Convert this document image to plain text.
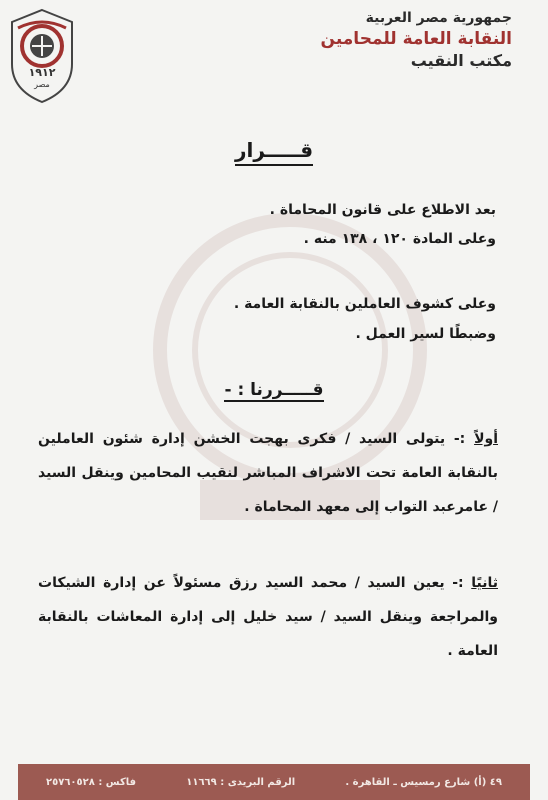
١٩١٢
مصر
جمهورية مصر العربية
النقابة العامة للمحامين
مكتب النقيب
قـــــرار
بعد الاطلاع على قانون المحاماة .
وعلى المادة ١٢٠ ، ١٣٨ منه .
وعلى كشوف العاملين بالنقابة العامة .
وضبطًا لسير العمل .
قـــــررنا : -
أولاً :- يتولى السيد / فكرى بهجت الخشن إدارة شئون العاملين بالنقابة العامة تحت الاشراف المباشر لنقيب المحامين وينقل السيد / عامرعبد التواب إلى معهد المحاماة .
ثانيًا :- يعين السيد / محمد السيد رزق مسئولاً عن إدارة الشيكات والمراجعة وينقل السيد / سيد خليل إلى إدارة المعاشات بالنقابة العامة .
٤٩ (أ) شارع رمسيس ـ القاهرة .
الرقم البريدى : ١١٦٦٩
فاكس : ٢٥٧٦٠٥٢٨
